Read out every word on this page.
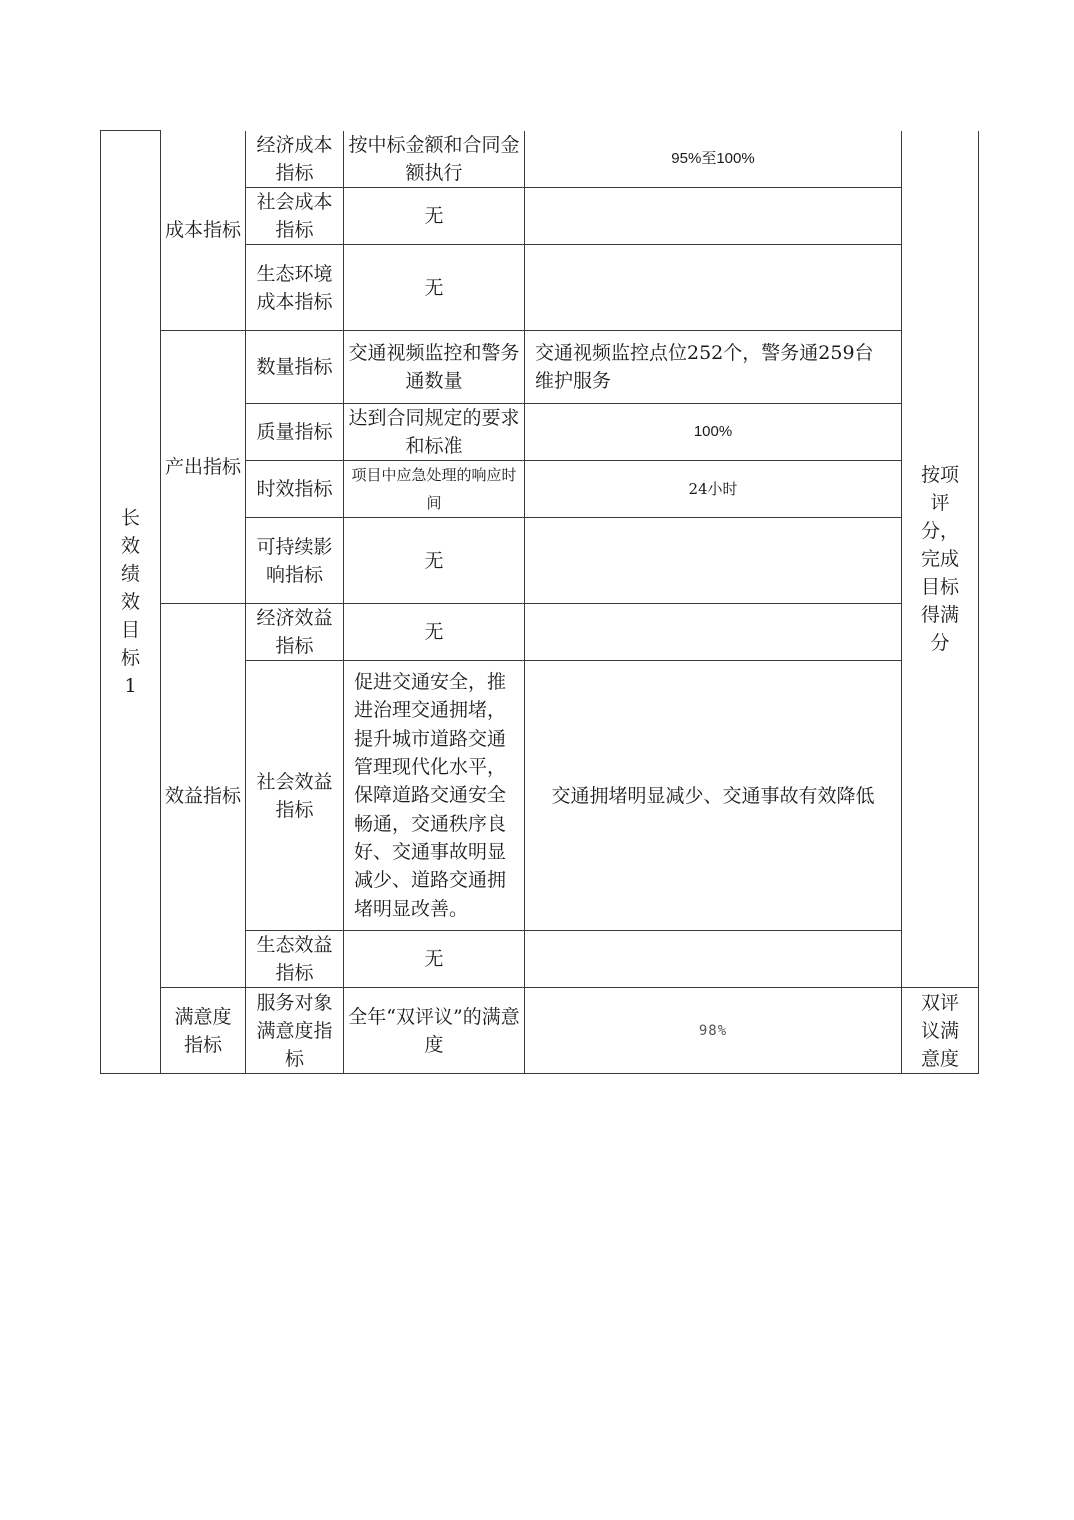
长效绩效目标1	成本指标	经济成本指标	按中标金额和合同金额执行	95%至100%	按项评分，完成目标得满分

		社会成本指标	无		
		生态环境成本指标	无		
	产出指标	数量指标	交通视频监控和警务通数量	交通视频监控点位252个，警务通259台维护服务	
		质量指标	达到合同规定的要求和标准	100%	
		时效指标	项目中应急处理的响应时间	24小时	
		可持续影响指标	无		
	效益指标	经济效益指标	无		
		社会效益指标	促进交通安全，推进治理交通拥堵，提升城市道路交通管理现代化水平，保障道路交通安全畅通，交通秩序良好、交通事故明显减少、道路交通拥堵明显改善。	交通拥堵明显减少、交通事故有效降低	
		生态效益指标	无		

	满意度指标	服务对象满意度指标	全年“双评议”的满意度	98%	双评议满意度
